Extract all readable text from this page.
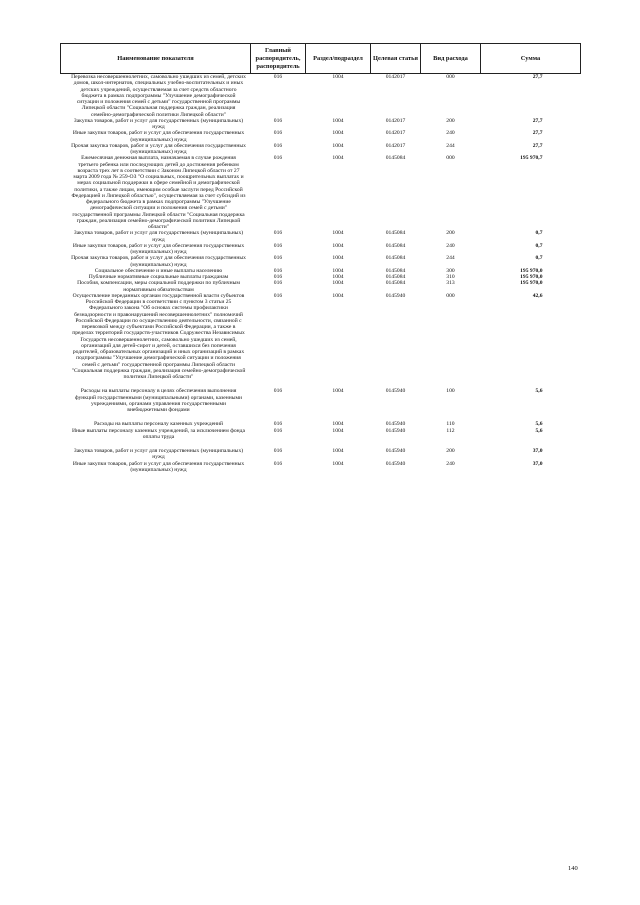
Наименование показателя	Главный распорядитель, распорядитель	Раздел/подраздел	Целевая статья	Вид расхода	Сумма
Перевозка несовершеннолетних, самовольно ушедших из семей, детских домов, школ-интернатов, специальных учебно-воспитательных и иных детских учреждений, осуществляемая за счет средств областного бюджета в рамках подпрограммы "Улучшение демографической ситуации и положения семей с детьми" государственной программы Липецкой области "Социальная поддержка граждан, реализация семейно-демографической политики Липецкой области"	016	1004	0142017	000	27,7
Закупка товаров, работ и услуг для государственных (муниципальных) нужд	016	1004	0142017	200	27,7
Иные закупки товаров, работ и услуг для обеспечения государственных (муниципальных) нужд	016	1004	0142017	240	27,7
Прочая закупка товаров, работ и услуг для обеспечения государственных (муниципальных) нужд	016	1004	0142017	244	27,7
Ежемесячная денежная выплата, назначаемая в случае рождения третьего ребенка или последующих детей до достижения ребенком возраста трех лет в соответствии с Законом Липецкой области от 27 марта 2009 года № 259-ОЗ "О социальных, поощрительных выплатах и мерах социальной поддержки в сфере семейной и демографической политики, а также лицам, имеющим особые заслуги перед Российской Федерацией и Липецкой областью", осуществляемая за счет субсидий из федерального бюджета в рамках подпрограммы "Улучшение демографической ситуации и положения семей с детьми" государственной программы Липецкой области "Социальная поддержка граждан, реализация семейно-демографической политики Липецкой области"	016	1004	0145084	000	195 970,7
Закупка товаров, работ и услуг для государственных (муниципальных) нужд	016	1004	0145084	200	0,7
Иные закупки товаров, работ и услуг для обеспечения государственных (муниципальных) нужд	016	1004	0145084	240	0,7
Прочая закупка товаров, работ и услуг для обеспечения государственных (муниципальных) нужд	016	1004	0145084	244	0,7
Социальное обеспечение и иные выплаты населению	016	1004	0145084	300	195 970,0
Публичные нормативные социальные выплаты гражданам	016	1004	0145084	310	195 970,0
Пособия, компенсации, меры социальной поддержки по публичным нормативным обязательствам	016	1004	0145084	313	195 970,0
Осуществление переданных органам государственной власти субъектов Российской Федерации в соответствии с пунктом 3 статьи 25 Федерального закона "Об основах системы профилактики безнадзорности и правонарушений несовершеннолетних" полномочий Российской Федерации по осуществлению деятельности, связанной с перевозкой между субъектами Российской Федерации, а также в пределах территорий государств-участников Содружества Независимых Государств несовершеннолетних, самовольно ушедших из семей, организаций для детей-сирот и детей, оставшихся без попечения родителей, образовательных организаций и иных организаций в рамках подпрограммы "Улучшение демографической ситуации и положения семей с детьми" государственной программы Липецкой области "Социальная поддержка граждан, реализация семейно-демографической политики Липецкой области"	016	1004	0145940	000	42,6

Расходы на выплаты персоналу в целях обеспечения выполнения функций государственными (муниципальными) органами, казенными учреждениями, органами управления государственными внебюджетными фондами	016	1004	0145940	100	5,6

Расходы на выплаты персоналу казенных учреждений	016	1004	0145940	110	5,6
Иные выплаты персоналу казенных учреждений, за исключением фонда оплаты труда	016	1004	0145940	112	5,6

Закупка товаров, работ и услуг для государственных (муниципальных) нужд	016	1004	0145940	200	37,0
Иные закупки товаров, работ и услуг для обеспечения государственных (муниципальных) нужд	016	1004	0145940	240	37,0
140
